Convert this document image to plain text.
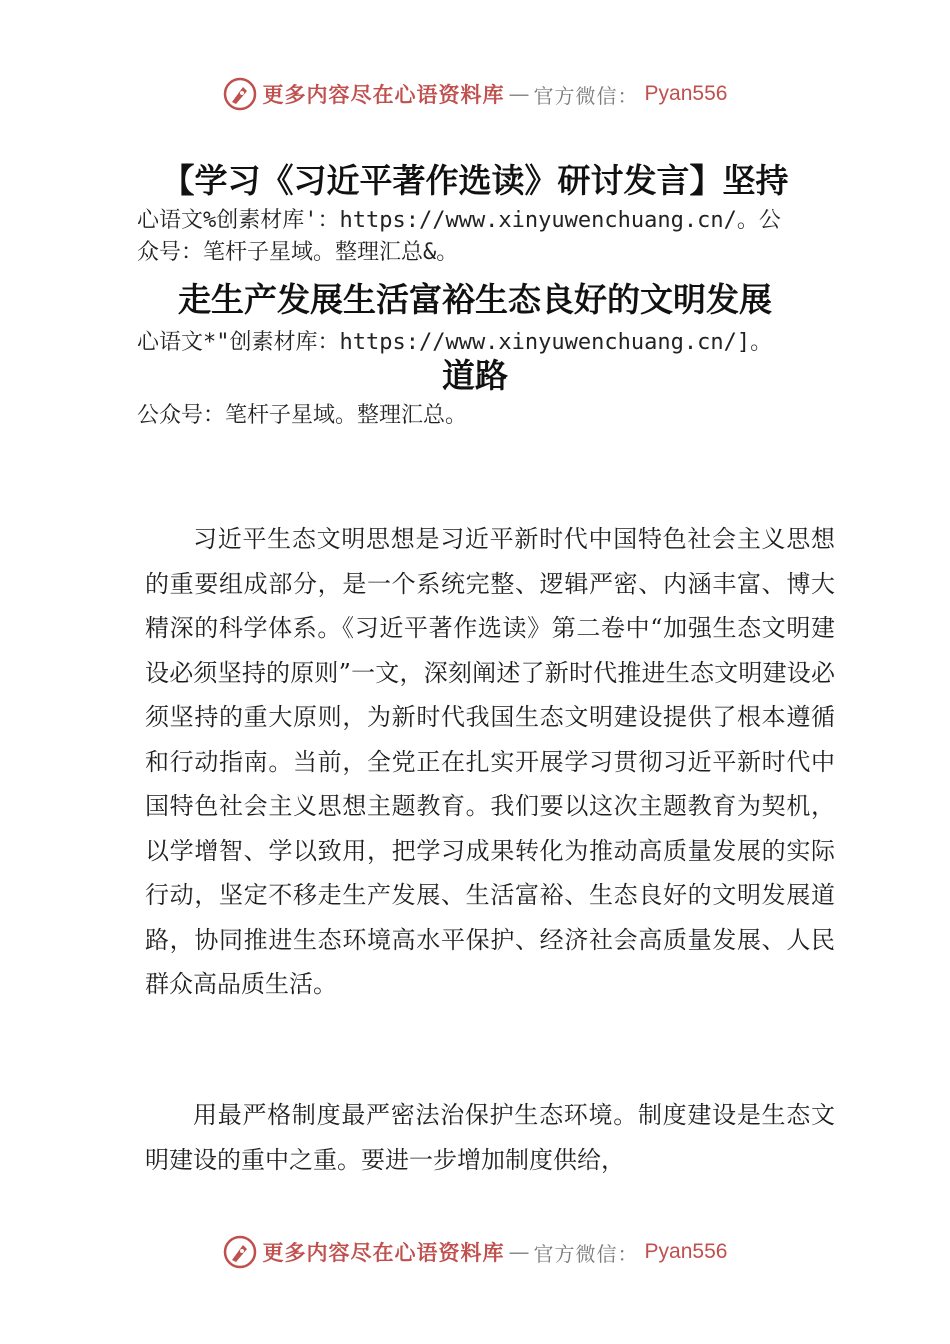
更多内容尽在心语资料库 — 官方微信： Pyan556
【学习《习近平著作选读》研讨发言】坚持
心语文%创素材库'：https://www.xinyuwenchuang.cn/。公
众号：笔杆子星域。整理汇总&。
走生产发展生活富裕生态良好的文明发展
心语文*"创素材库：https://www.xinyuwenchuang.cn/]。
道路
公众号：笔杆子星域。整理汇总。

习近平生态文明思想是习近平新时代中国特色社会主义思想的重要组成部分，是一个系统完整、逻辑严密、内涵丰富、博大精深的科学体系。《习近平著作选读》第二卷中“加强生态文明建设必须坚持的原则”一文，深刻阐述了新时代推进生态文明建设必须坚持的重大原则，为新时代我国生态文明建设提供了根本遵循和行动指南。当前，全党正在扎实开展学习贯彻习近平新时代中国特色社会主义思想主题教育。我们要以这次主题教育为契机，以学增智、学以致用，把学习成果转化为推动高质量发展的实际行动，坚定不移走生产发展、生活富裕、生态良好的文明发展道路，协同推进生态环境高水平保护、经济社会高质量发展、人民群众高品质生活。

用最严格制度最严密法治保护生态环境。制度建设是生态文明建设的重中之重。要进一步增加制度供给，

更多内容尽在心语资料库 — 官方微信： Pyan556
